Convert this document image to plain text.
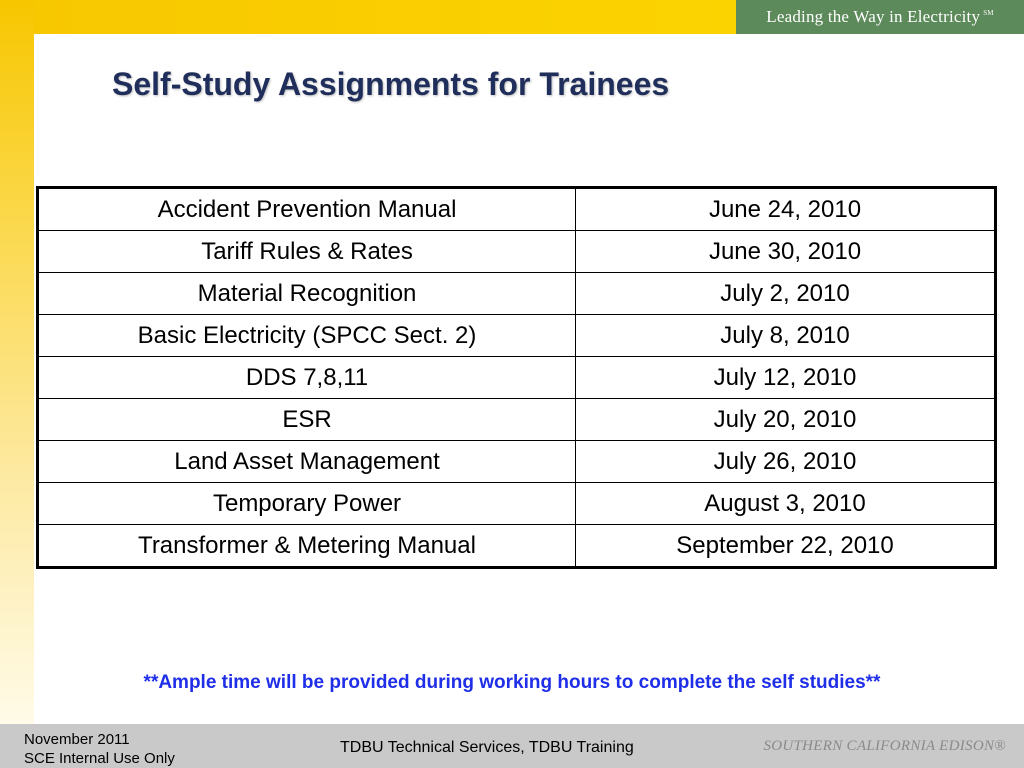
Leading the Way in Electricity ℠
Self-Study Assignments for Trainees
Accident Prevention Manual	June 24, 2010
Tariff Rules & Rates	June 30, 2010
Material Recognition	July 2, 2010
Basic Electricity (SPCC Sect. 2)	July 8, 2010
DDS 7,8,11	July 12, 2010
ESR	July 20, 2010
Land Asset Management	July 26, 2010
Temporary Power	August 3, 2010
Transformer & Metering Manual	September 22, 2010
**Ample time will be provided during working hours to complete the self studies**
November 2011
SCE Internal Use Only
TDBU Technical Services, TDBU Training	SOUTHERN CALIFORNIA EDISON®
